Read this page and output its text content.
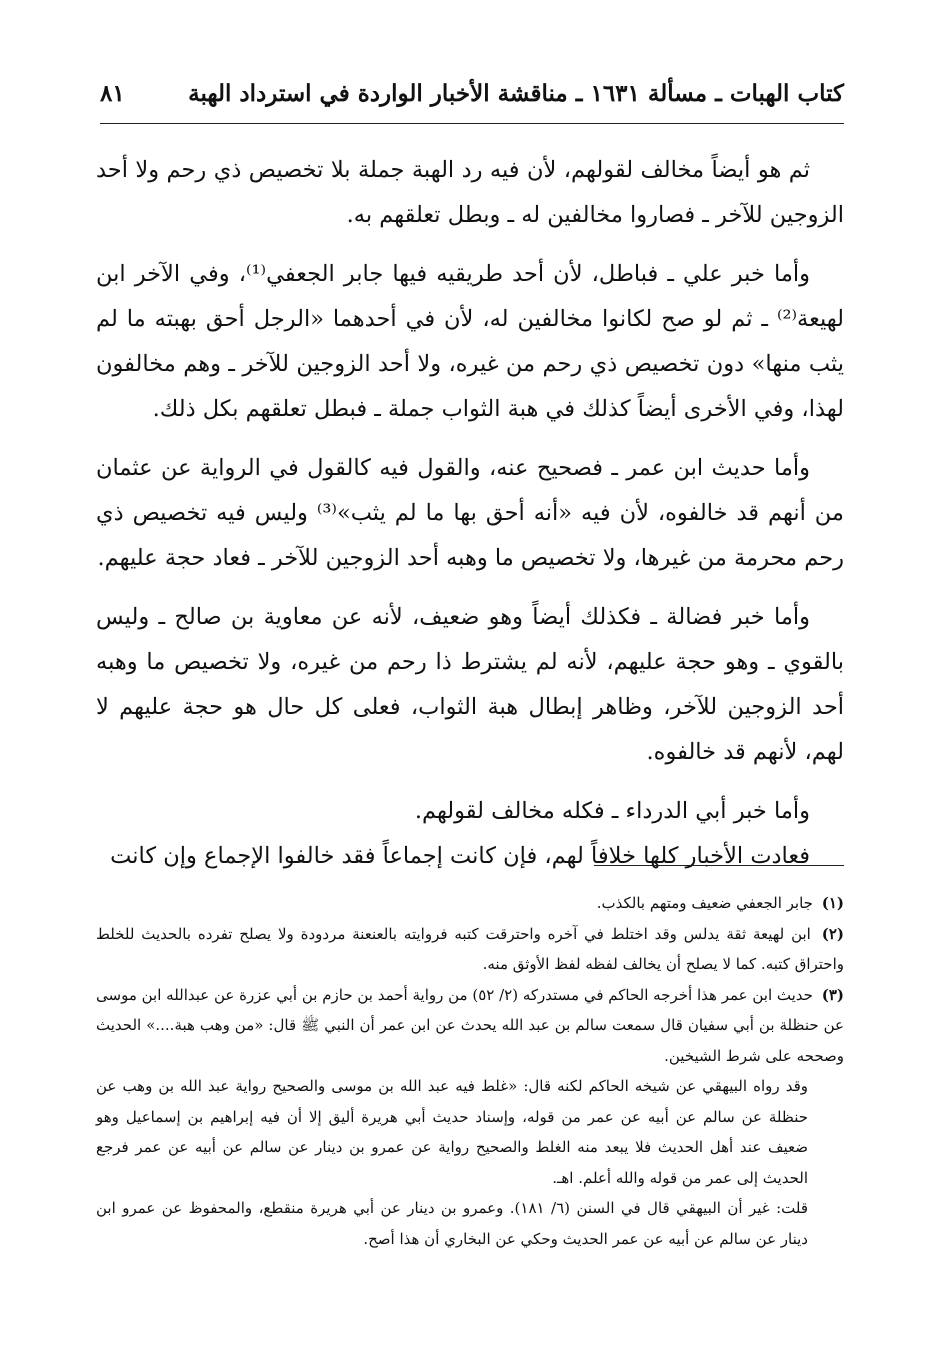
كتاب الهبات ـ مسألة ١٦٣١ ـ مناقشة الأخبار الواردة في استرداد الهبة
٨١

ثم هو أيضاً مخالف لقولهم، لأن فيه رد الهبة جملة بلا تخصيص ذي رحم ولا أحد الزوجين للآخر ـ فصاروا مخالفين له ـ وبطل تعلقهم به.

وأما خبر علي ـ فباطل، لأن أحد طريقيه فيها جابر الجعفي⁽¹⁾، وفي الآخر ابن لهيعة⁽²⁾ ـ ثم لو صح لكانوا مخالفين له، لأن في أحدهما «الرجل أحق بهبته ما لم يثب منها» دون تخصيص ذي رحم من غيره، ولا أحد الزوجين للآخر ـ وهم مخالفون لهذا، وفي الأخرى أيضاً كذلك في هبة الثواب جملة ـ فبطل تعلقهم بكل ذلك.

وأما حديث ابن عمر ـ فصحيح عنه، والقول فيه كالقول في الرواية عن عثمان من أنهم قد خالفوه، لأن فيه «أنه أحق بها ما لم يثب»⁽³⁾ وليس فيه تخصيص ذي رحم محرمة من غيرها، ولا تخصيص ما وهبه أحد الزوجين للآخر ـ فعاد حجة عليهم.

وأما خبر فضالة ـ فكذلك أيضاً وهو ضعيف، لأنه عن معاوية بن صالح ـ وليس بالقوي ـ وهو حجة عليهم، لأنه لم يشترط ذا رحم من غيره، ولا تخصيص ما وهبه أحد الزوجين للآخر، وظاهر إبطال هبة الثواب، فعلى كل حال هو حجة عليهم لا لهم، لأنهم قد خالفوه.

وأما خبر أبي الدرداء ـ فكله مخالف لقولهم.

فعادت الأخبار كلها خلافاً لهم، فإن كانت إجماعاً فقد خالفوا الإجماع وإن كانت

(١) جابر الجعفي ضعيف ومتهم بالكذب.

(٢) ابن لهيعة ثقة يدلس وقد اختلط في آخره واحترقت كتبه فروايته بالعنعنة مردودة ولا يصلح تفرده بالحديث للخلط واحتراق كتبه. كما لا يصلح أن يخالف لفظه لفظ الأوثق منه.

(٣) حديث ابن عمر هذا أخرجه الحاكم في مستدركه (٢/ ٥٢) من رواية أحمد بن حازم بن أبي عزرة عن عبدالله ابن موسى عن حنظلة بن أبي سفيان قال سمعت سالم بن عبد الله يحدث عن ابن عمر أن النبي ﷺ قال: «من وهب هبة....» الحديث وصححه على شرط الشيخين.

وقد رواه البيهقي عن شيخه الحاكم لكنه قال: «غلط فيه عبد الله بن موسى والصحيح رواية عبد الله بن وهب عن حنظلة عن سالم عن أبيه عن عمر من قوله، وإسناد حديث أبي هريرة أليق إلا أن فيه إبراهيم بن إسماعيل وهو ضعيف عند أهل الحديث فلا يبعد منه الغلط والصحيح رواية عن عمرو بن دينار عن سالم عن أبيه عن عمر فرجع الحديث إلى عمر من قوله والله أعلم. اهـ.

قلت: غير أن البيهقي قال في السنن (٦/ ١٨١). وعمرو بن دينار عن أبي هريرة منقطع، والمحفوظ عن عمرو ابن دينار عن سالم عن أبيه عن عمر الحديث وحكي عن البخاري أن هذا أصح.
